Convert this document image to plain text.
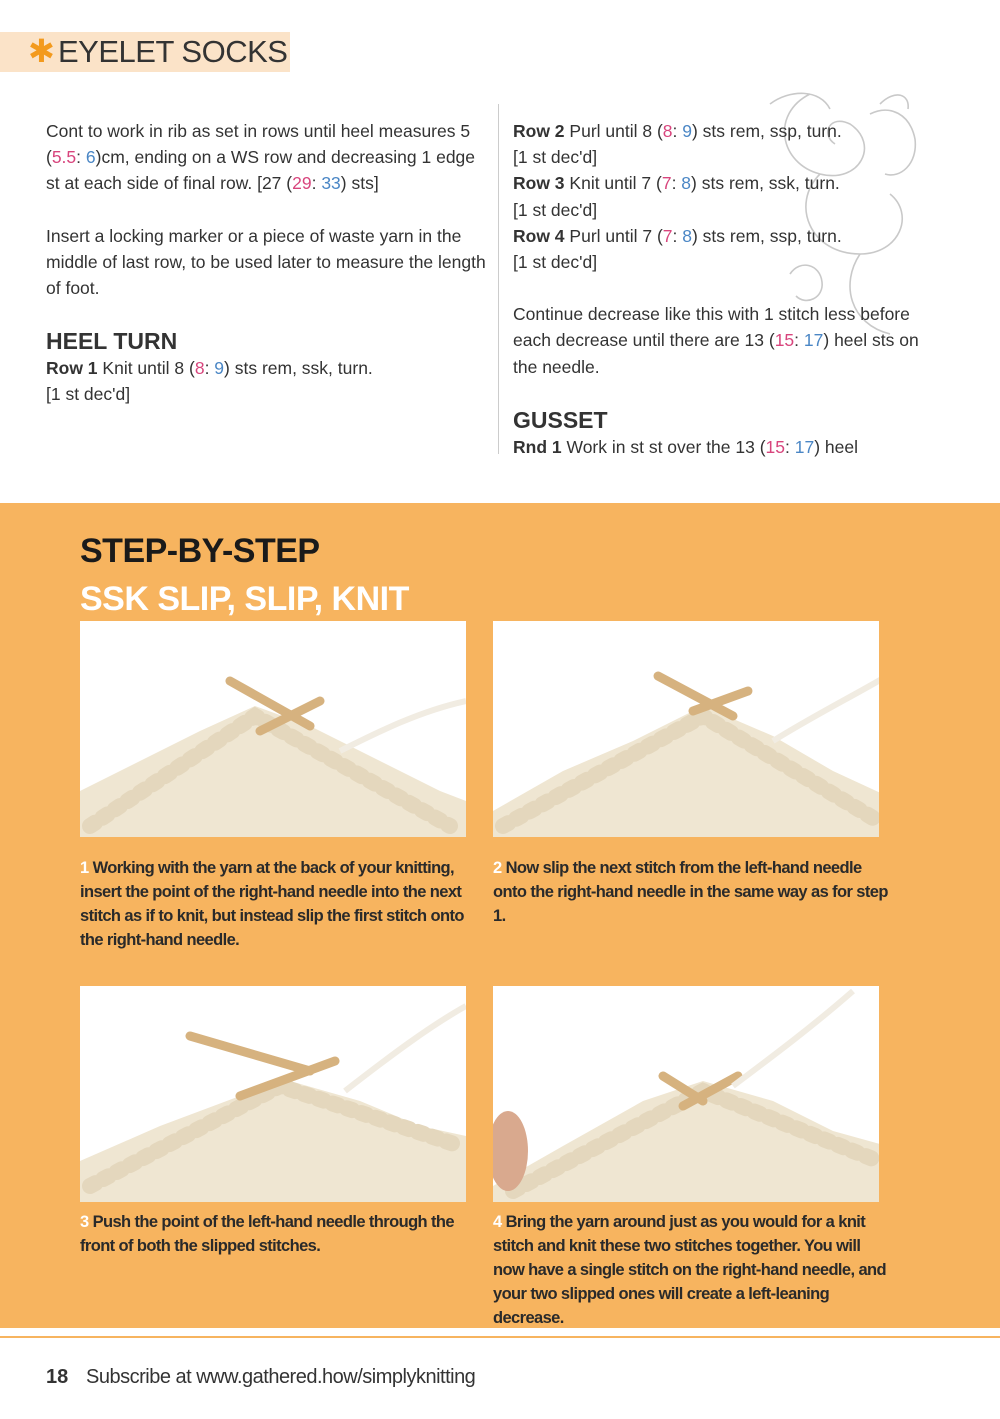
✱ EYELET SOCKS

Cont to work in rib as set in rows until heel measures 5 (5.5: 6)cm, ending on a WS row and decreasing 1 edge st at each side of final row. [27 (29: 33) sts]

Insert a locking marker or a piece of waste yarn in the middle of last row, to be used later to measure the length of foot.

HEEL TURN

Row 1 Knit until 8 (8: 9) sts rem, ssk, turn.
[1 st dec'd]

Row 2 Purl until 8 (8: 9) sts rem, ssp, turn.
[1 st dec'd]

Row 3 Knit until 7 (7: 8) sts rem, ssk, turn.
[1 st dec'd]

Row 4 Purl until 7 (7: 8) sts rem, ssp, turn.
[1 st dec'd]

Continue decrease like this with 1 stitch less before each decrease until there are 13 (15: 17) heel sts on the needle.

GUSSET

Rnd 1 Work in st st over the 13 (15: 17) heel

STEP-BY-STEP
SSK SLIP, SLIP, KNIT
1 Working with the yarn at the back of your knitting, insert the point of the right-hand needle into the next stitch as if to knit, but instead slip the first stitch onto the right-hand needle.
2 Now slip the next stitch from the left-hand needle onto the right-hand needle in the same way as for step 1.
3 Push the point of the left-hand needle through the front of both the slipped stitches.
4 Bring the yarn around just as you would for a knit stitch and knit these two stitches together. You will now have a single stitch on the right-hand needle, and your two slipped ones will create a left-leaning decrease.
18 Subscribe at www.gathered.how/simplyknitting
